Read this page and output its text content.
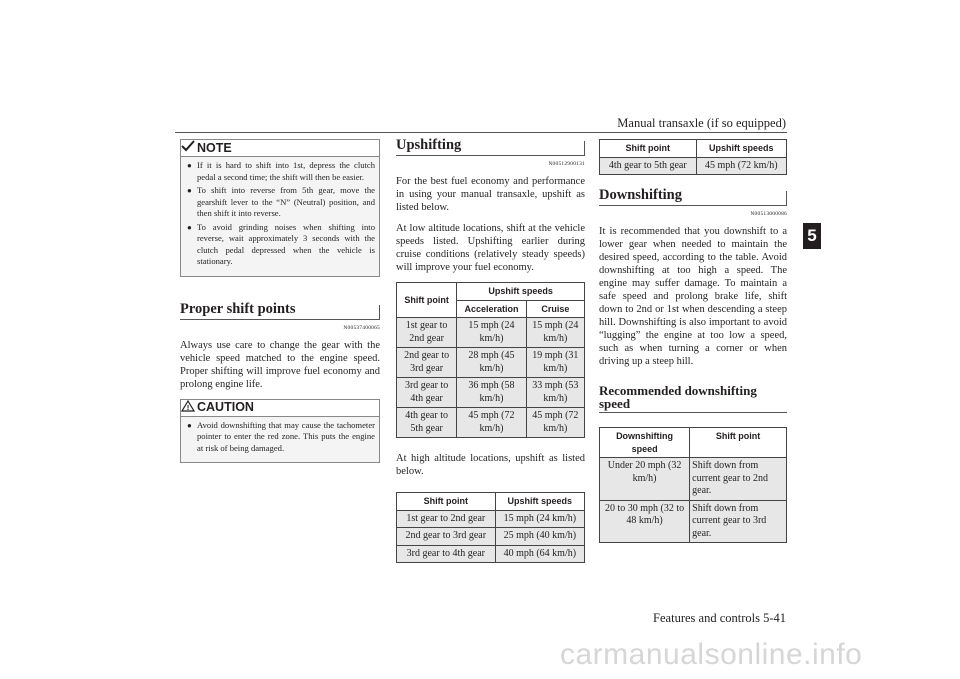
Manual transaxle (if so equipped)
5
Features and controls 5-41
carmanualsonline.info
NOTE
● If it is hard to shift into 1st, depress the clutch pedal a second time; the shift will then be easier.
● To shift into reverse from 5th gear, move the gearshift lever to the “N” (Neutral) position, and then shift it into reverse.
● To avoid grinding noises when shifting into reverse, wait approximately 3 seconds with the clutch pedal depressed when the vehicle is stationary.
Proper shift points
N00537400065
Always use care to change the gear with the vehicle speed matched to the engine speed. Proper shifting will improve fuel economy and prolong engine life.
! CAUTION
● Avoid downshifting that may cause the tachometer pointer to enter the red zone. This puts the engine at risk of being damaged.
Upshifting
N00512900131
For the best fuel economy and performance in using your manual transaxle, upshift as listed below.
At low altitude locations, shift at the vehicle speeds listed. Upshifting earlier during cruise conditions (relatively steady speeds) will improve your fuel economy.
Shift point	Upshift speeds	
	Acceleration	Cruise
1st gear to 2nd gear	15 mph (24 km/h)	15 mph (24 km/h)
2nd gear to 3rd gear	28 mph (45 km/h)	19 mph (31 km/h)
3rd gear to 4th gear	36 mph (58 km/h)	33 mph (53 km/h)
4th gear to 5th gear	45 mph (72 km/h)	45 mph (72 km/h)
At high altitude locations, upshift as listed below.
Shift point	Upshift speeds
1st gear to 2nd gear	15 mph (24 km/h)
2nd gear to 3rd gear	25 mph (40 km/h)
3rd gear to 4th gear	40 mph (64 km/h)
Shift point	Upshift speeds
4th gear to 5th gear	45 mph (72 km/h)
Downshifting
N00513000086
It is recommended that you downshift to a lower gear when needed to maintain the desired speed, according to the table. Avoid downshifting at too high a speed. The engine may suffer damage. To maintain a safe speed and prolong brake life, shift down to 2nd or 1st when descending a steep hill. Downshifting is also important to avoid “lugging” the engine at too low a speed, such as when turning a corner or when driving up a steep hill.
Recommended downshifting speed
Downshifting speed	Shift point
Under 20 mph (32 km/h)	Shift down from current gear to 2nd gear.
20 to 30 mph (32 to 48 km/h)	Shift down from current gear to 3rd gear.
